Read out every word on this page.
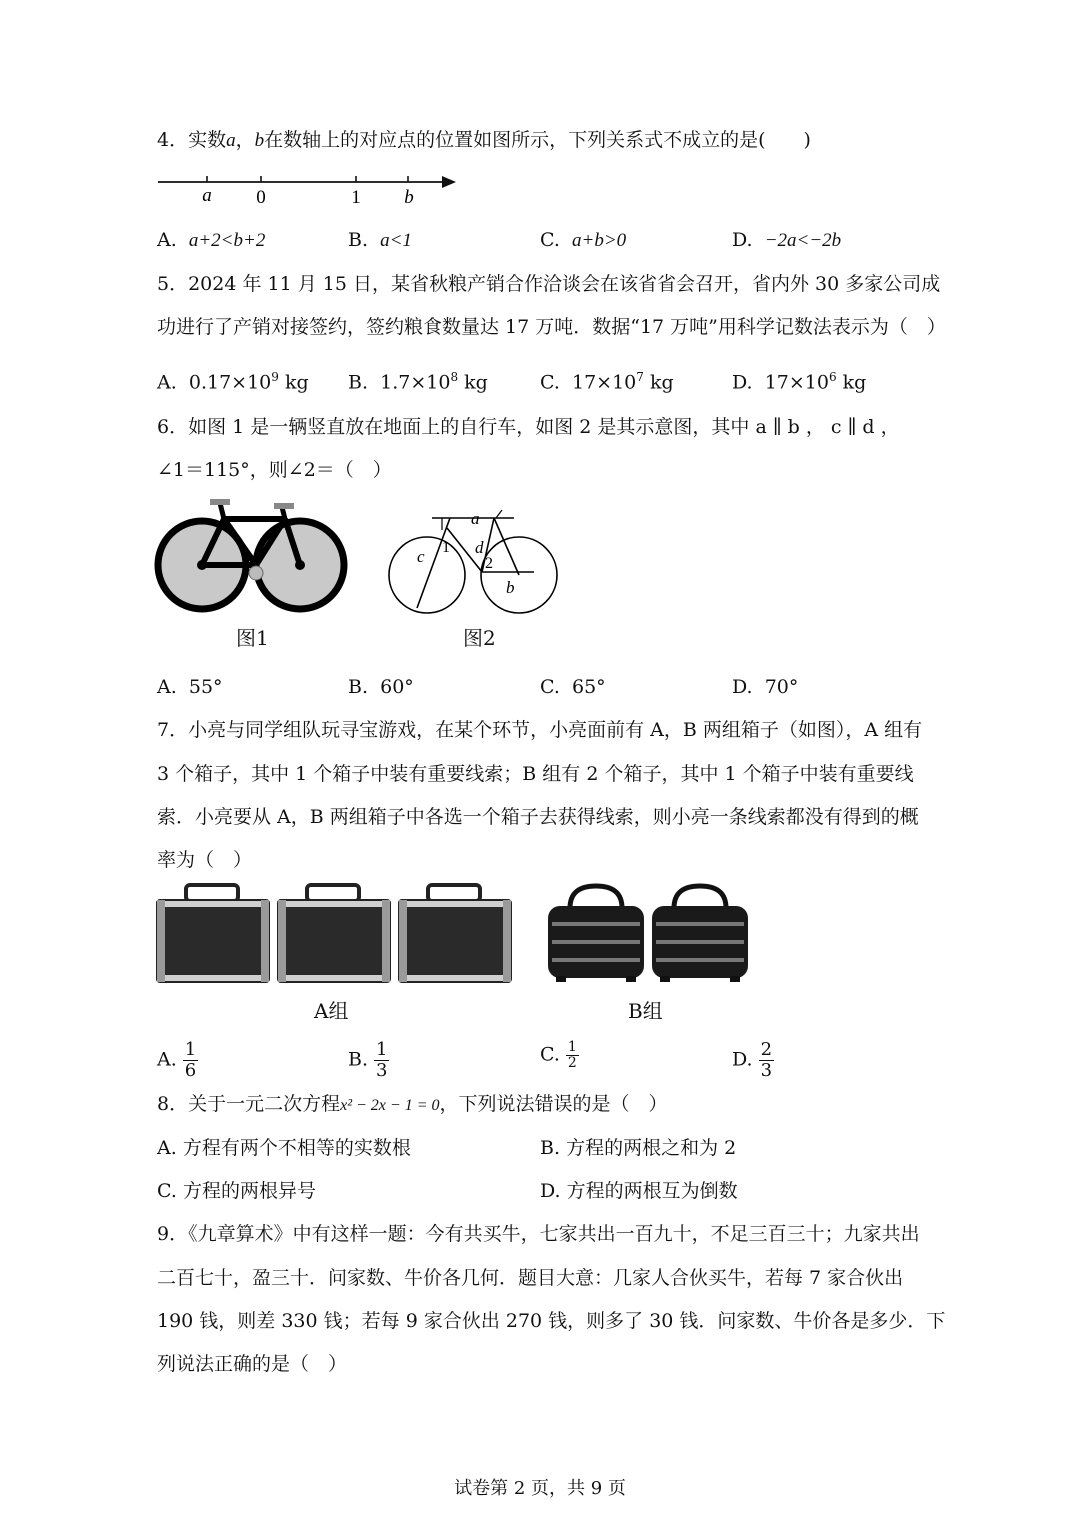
4．实数a，b在数轴上的对应点的位置如图所示，下列关系式不成立的是(　　)
a 0	1 b
A. a+2<b+2	B. a<1	C. a+b>0	D. −2a<−2b
5．2024 年 11 月 15 日，某省秋粮产销合作洽谈会在该省省会召开，省内外 30 多家公司成
功进行了产销对接签约，签约粮食数量达 17 万吨．数据“17 万吨”用科学记数法表示为（　）
A. $0.17\times 10^9$ kg B. $1.7\times 10^8$ kg	C. $17\times 10^7$ kg	D. $17\times 10^6$ kg
6．如图 1 是一辆竖直放在地面上的自行车，如图 2 是其示意图，其中 a ∥ b ， c ∥ d ，
∠1＝115°，则∠2＝（　）
图1
a
c 1 d
2
b
图2
A. 55°	B. 60°	C. 65°	D. 70°
7．小亮与同学组队玩寻宝游戏，在某个环节，小亮面前有 A，B 两组箱子（如图），A 组有
3 个箱子，其中 1 个箱子中装有重要线索；B 组有 2 个箱子，其中 1 个箱子中装有重要线
索．小亮要从 A，B 两组箱子中各选一个箱子去获得线索，则小亮一条线索都没有得到的概
率为（　）
A组	B组
A. $\frac{1}{6}$	B. $\frac{1}{3}$	C. $\frac{1}{2}$	D. $\frac{2}{3}$
8．关于一元二次方程x² − 2x − 1 = 0，下列说法错误的是（　）
A. 方程有两个不相等的实数根	B. 方程的两根之和为 2
C. 方程的两根异号	D. 方程的两根互为倒数
9．《九章算术》中有这样一题：今有共买牛，七家共出一百九十，不足三百三十；九家共出
二百七十，盈三十．问家数、牛价各几何．题目大意：几家人合伙买牛，若每 7 家合伙出
190 钱，则差 330 钱；若每 9 家合伙出 270 钱，则多了 30 钱．问家数、牛价各是多少．下
列说法正确的是（　）
试卷第 2 页，共 9 页
